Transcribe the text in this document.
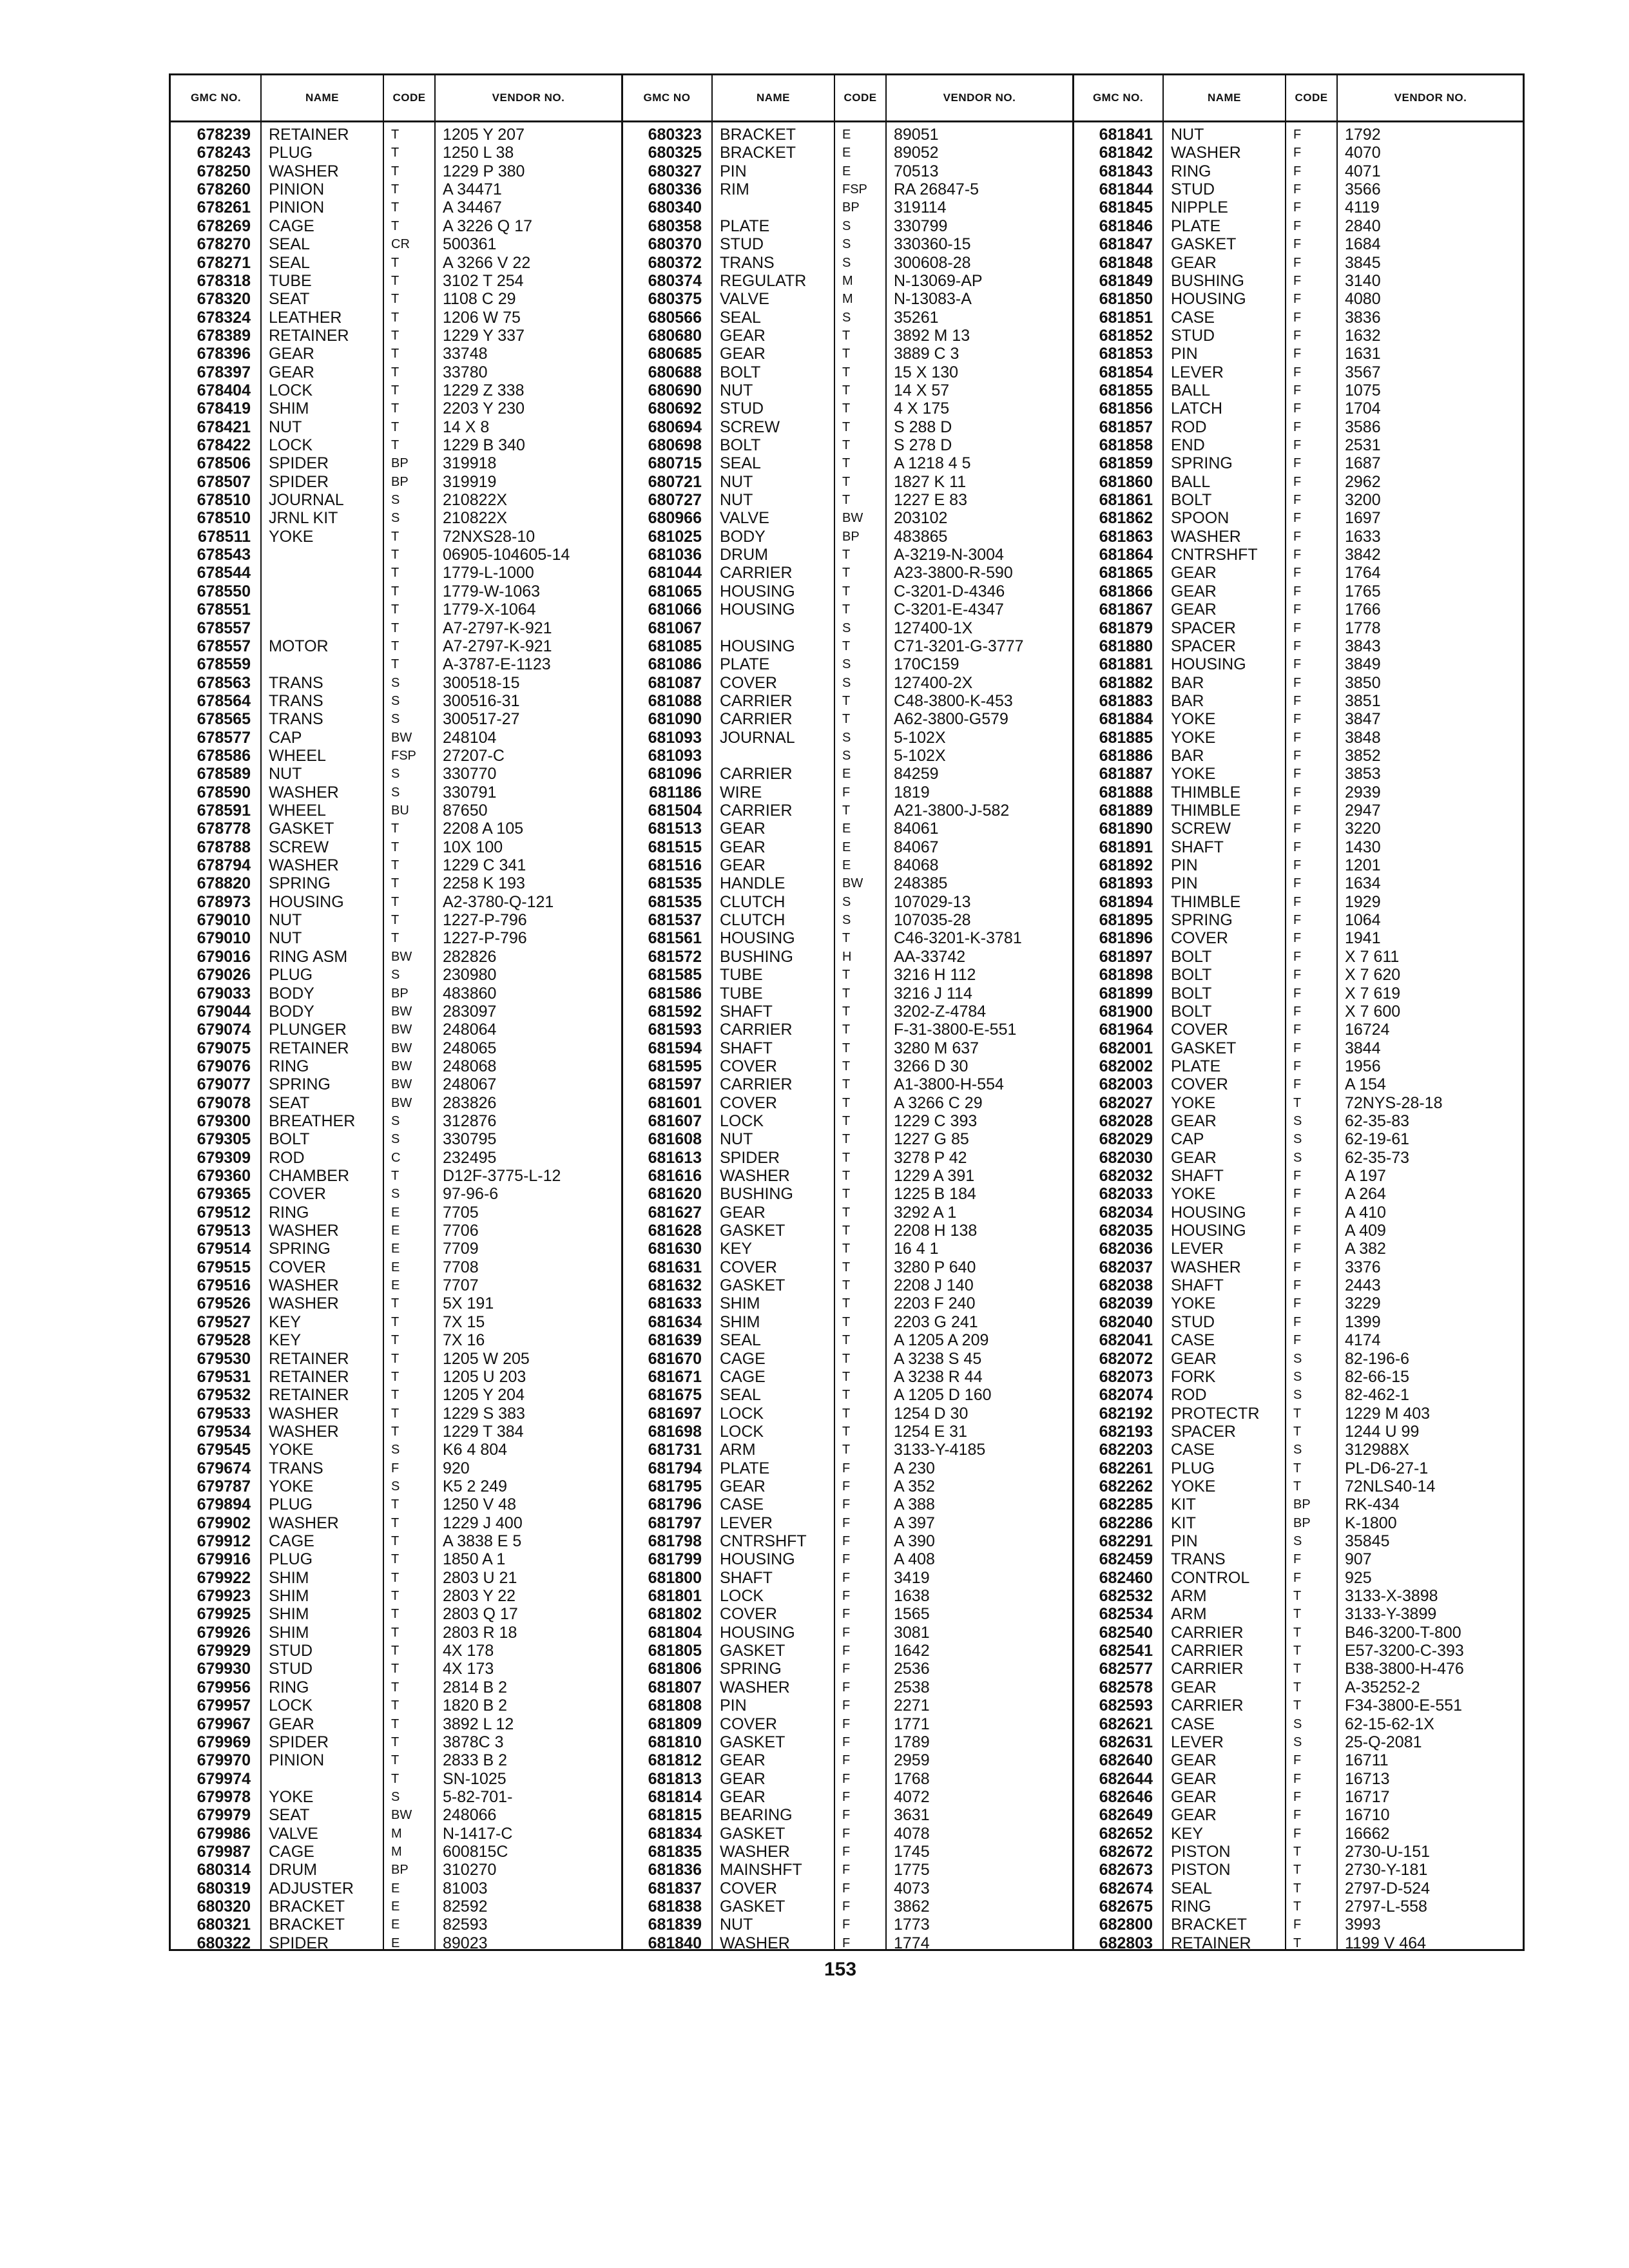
GMC NO.	NAME	CODE	VENDOR NO.	GMC NO	NAME	CODE	VENDOR NO.	GMC NO.	NAME	CODE	VENDOR NO.
678239 RETAINER	T	1205 Y 207
678243 PLUG	T	1250 L 38
678250 WASHER	T	1229 P 380
678260 PINION	T	A 34471
678261 PINION	T	A 34467
678269 CAGE	T	A 3226 Q 17
678270 SEAL	CR	500361
678271 SEAL	T	A 3266 V 22
678318 TUBE	T	3102 T 254
678320 SEAT	T	1108 C 29
678324 LEATHER	T	1206 W 75
678389 RETAINER	T	1229 Y 337
678396 GEAR	T	33748
678397 GEAR	T	33780
678404 LOCK	T	1229 Z 338
678419 SHIM	T	2203 Y 230
678421 NUT	T	14 X 8
678422 LOCK	T	1229 B 340
678506 SPIDER	BP	319918
678507 SPIDER	BP	319919
678510 JOURNAL	S	210822X
678510 JRNL KIT	S	210822X
678511 YOKE	T	72NXS28-10
678543	T	06905-104605-14
678544	T	1779-L-1000
678550	T	1779-W-1063
678551	T	1779-X-1064
678557	T	A7-2797-K-921
678557 MOTOR	T	A7-2797-K-921
678559	T	A-3787-E-1123
678563 TRANS	S	300518-15
678564 TRANS	S	300516-31
678565 TRANS	S	300517-27
678577 CAP	BW	248104
678586 WHEEL	FSP	27207-C
678589 NUT	S	330770
678590 WASHER	S	330791
678591 WHEEL	BU	87650
678778 GASKET	T	2208 A 105
678788 SCREW	T	10X 100
678794 WASHER	T	1229 C 341
678820 SPRING	T	2258 K 193
678973 HOUSING	T	A2-3780-Q-121
679010 NUT	T	1227-P-796
679010 NUT	T	1227-P-796
679016 RING ASM	BW	282826
679026 PLUG	S	230980
679033 BODY	BP	483860
679044 BODY	BW	283097
679074 PLUNGER	BW	248064
679075 RETAINER	BW	248065
679076 RING	BW	248068
679077 SPRING	BW	248067
679078 SEAT	BW	283826
679300 BREATHER	S	312876
679305 BOLT	S	330795
679309 ROD	C	232495
679360 CHAMBER	T	D12F-3775-L-12
679365 COVER	S	97-96-6
679512 RING	E	7705
679513 WASHER	E	7706
679514 SPRING	E	7709
679515 COVER	E	7708
679516 WASHER	E	7707
679526 WASHER	T	5X 191
679527 KEY	T	7X 15
679528 KEY	T	7X 16
679530 RETAINER	T	1205 W 205
679531 RETAINER	T	1205 U 203
679532 RETAINER	T	1205 Y 204
679533 WASHER	T	1229 S 383
679534 WASHER	T	1229 T 384
679545 YOKE	S	K6 4 804
679674 TRANS	F	920
679787 YOKE	S	K5 2 249
679894 PLUG	T	1250 V 48
679902 WASHER	T	1229 J 400
679912 CAGE	T	A 3838 E 5
679916 PLUG	T	1850 A 1
679922 SHIM	T	2803 U 21
679923 SHIM	T	2803 Y 22
679925 SHIM	T	2803 Q 17
679926 SHIM	T	2803 R 18
679929 STUD	T	4X 178
679930 STUD	T	4X 173
679956 RING	T	2814 B 2
679957 LOCK	T	1820 B 2
679967 GEAR	T	3892 L 12
679969 SPIDER	T	3878C 3
679970 PINION	T	2833 B 2
679974	T	SN-1025
679978 YOKE	S	5-82-701-
679979 SEAT	BW	248066
679986 VALVE	M	N-1417-C
679987 CAGE	M	600815C
680314 DRUM	BP	310270
680319 ADJUSTER	E	81003
680320 BRACKET	E	82592
680321 BRACKET	E	82593
680322 SPIDER	E	89023
680323 BRACKET	E	89051
680325 BRACKET	E	89052
680327 PIN	E	70513
680336 RIM	FSP	RA 26847-5
680340	BP	319114
680358 PLATE	S	330799
680370 STUD	S	330360-15
680372 TRANS	S	300608-28
680374 REGULATR	M	N-13069-AP
680375 VALVE	M	N-13083-A
680566 SEAL	S	35261
680680 GEAR	T	3892 M 13
680685 GEAR	T	3889 C 3
680688 BOLT	T	15 X 130
680690 NUT	T	14 X 57
680692 STUD	T	4 X 175
680694 SCREW	T	S 288 D
680698 BOLT	T	S 278 D
680715 SEAL	T	A 1218 4 5
680721 NUT	T	1827 K 11
680727 NUT	T	1227 E 83
680966 VALVE	BW	203102
681025 BODY	BP	483865
681036 DRUM	T	A-3219-N-3004
681044 CARRIER	T	A23-3800-R-590
681065 HOUSING	T	C-3201-D-4346
681066 HOUSING	T	C-3201-E-4347
681067	S	127400-1X
681085 HOUSING	T	C71-3201-G-3777
681086 PLATE	S	170C159
681087 COVER	S	127400-2X
681088 CARRIER	T	C48-3800-K-453
681090 CARRIER	T	A62-3800-G579
681093 JOURNAL	S	5-102X
681093	S	5-102X
681096 CARRIER	E	84259
681186 WIRE	F	1819
681504 CARRIER	T	A21-3800-J-582
681513 GEAR	E	84061
681515 GEAR	E	84067
681516 GEAR	E	84068
681535 HANDLE	BW	248385
681535 CLUTCH	S	107029-13
681537 CLUTCH	S	107035-28
681561 HOUSING	T	C46-3201-K-3781
681572 BUSHING	H	AA-33742
681585 TUBE	T	3216 H 112
681586 TUBE	T	3216 J 114
681592 SHAFT	T	3202-Z-4784
681593 CARRIER	T	F-31-3800-E-551
681594 SHAFT	T	3280 M 637
681595 COVER	T	3266 D 30
681597 CARRIER	T	A1-3800-H-554
681601 COVER	T	A 3266 C 29
681607 LOCK	T	1229 C 393
681608 NUT	T	1227 G 85
681613 SPIDER	T	3278 P 42
681616 WASHER	T	1229 A 391
681620 BUSHING	T	1225 B 184
681627 GEAR	T	3292 A 1
681628 GASKET	T	2208 H 138
681630 KEY	T	16 4 1
681631 COVER	T	3280 P 640
681632 GASKET	T	2208 J 140
681633 SHIM	T	2203 F 240
681634 SHIM	T	2203 G 241
681639 SEAL	T	A 1205 A 209
681670 CAGE	T	A 3238 S 45
681671 CAGE	T	A 3238 R 44
681675 SEAL	T	A 1205 D 160
681697 LOCK	T	1254 D 30
681698 LOCK	T	1254 E 31
681731 ARM	T	3133-Y-4185
681794 PLATE	F	A 230
681795 GEAR	F	A 352
681796 CASE	F	A 388
681797 LEVER	F	A 397
681798 CNTRSHFT	F	A 390
681799 HOUSING	F	A 408
681800 SHAFT	F	3419
681801 LOCK	F	1638
681802 COVER	F	1565
681804 HOUSING	F	3081
681805 GASKET	F	1642
681806 SPRING	F	2536
681807 WASHER	F	2538
681808 PIN	F	2271
681809 COVER	F	1771
681810 GASKET	F	1789
681812 GEAR	F	2959
681813 GEAR	F	1768
681814 GEAR	F	4072
681815 BEARING	F	3631
681834 GASKET	F	4078
681835 WASHER	F	1745
681836 MAINSHFT	F	1775
681837 COVER	F	4073
681838 GASKET	F	3862
681839 NUT	F	1773
681840 WASHER	F	1774
681841 NUT	F	1792
681842 WASHER	F	4070
681843 RING	F	4071
681844 STUD	F	3566
681845 NIPPLE	F	4119
681846 PLATE	F	2840
681847 GASKET	F	1684
681848 GEAR	F	3845
681849 BUSHING	F	3140
681850 HOUSING	F	4080
681851 CASE	F	3836
681852 STUD	F	1632
681853 PIN	F	1631
681854 LEVER	F	3567
681855 BALL	F	1075
681856 LATCH	F	1704
681857 ROD	F	3586
681858 END	F	2531
681859 SPRING	F	1687
681860 BALL	F	2962
681861 BOLT	F	3200
681862 SPOON	F	1697
681863 WASHER	F	1633
681864 CNTRSHFT	F	3842
681865 GEAR	F	1764
681866 GEAR	F	1765
681867 GEAR	F	1766
681879 SPACER	F	1778
681880 SPACER	F	3843
681881 HOUSING	F	3849
681882 BAR	F	3850
681883 BAR	F	3851
681884 YOKE	F	3847
681885 YOKE	F	3848
681886 BAR	F	3852
681887 YOKE	F	3853
681888 THIMBLE	F	2939
681889 THIMBLE	F	2947
681890 SCREW	F	3220
681891 SHAFT	F	1430
681892 PIN	F	1201
681893 PIN	F	1634
681894 THIMBLE	F	1929
681895 SPRING	F	1064
681896 COVER	F	1941
681897 BOLT	F	X 7 611
681898 BOLT	F	X 7 620
681899 BOLT	F	X 7 619
681900 BOLT	F	X 7 600
681964 COVER	F	16724
682001 GASKET	F	3844
682002 PLATE	F	1956
682003 COVER	F	A 154
682027 YOKE	T	72NYS-28-18
682028 GEAR	S	62-35-83
682029 CAP	S	62-19-61
682030 GEAR	S	62-35-73
682032 SHAFT	F	A 197
682033 YOKE	F	A 264
682034 HOUSING	F	A 410
682035 HOUSING	F	A 409
682036 LEVER	F	A 382
682037 WASHER	F	3376
682038 SHAFT	F	2443
682039 YOKE	F	3229
682040 STUD	F	1399
682041 CASE	F	4174
682072 GEAR	S	82-196-6
682073 FORK	S	82-66-15
682074 ROD	S	82-462-1
682192 PROTECTR	T	1229 M 403
682193 SPACER	T	1244 U 99
682203 CASE	S	312988X
682261 PLUG	T	PL-D6-27-1
682262 YOKE	T	72NLS40-14
682285 KIT	BP	RK-434
682286 KIT	BP	K-1800
682291 PIN	S	35845
682459 TRANS	F	907
682460 CONTROL	F	925
682532 ARM	T	3133-X-3898
682534 ARM	T	3133-Y-3899
682540 CARRIER	T	B46-3200-T-800
682541 CARRIER	T	E57-3200-C-393
682577 CARRIER	T	B38-3800-H-476
682578 GEAR	T	A-35252-2
682593 CARRIER	T	F34-3800-E-551
682621 CASE	S	62-15-62-1X
682631 LEVER	S	25-Q-2081
682640 GEAR	F	16711
682644 GEAR	F	16713
682646 GEAR	F	16717
682649 GEAR	F	16710
682652 KEY	F	16662
682672 PISTON	T	2730-U-151
682673 PISTON	T	2730-Y-181
682674 SEAL	T	2797-D-524
682675 RING	T	2797-L-558
682800 BRACKET	F	3993
682803 RETAINER	T	1199 V 464
153
